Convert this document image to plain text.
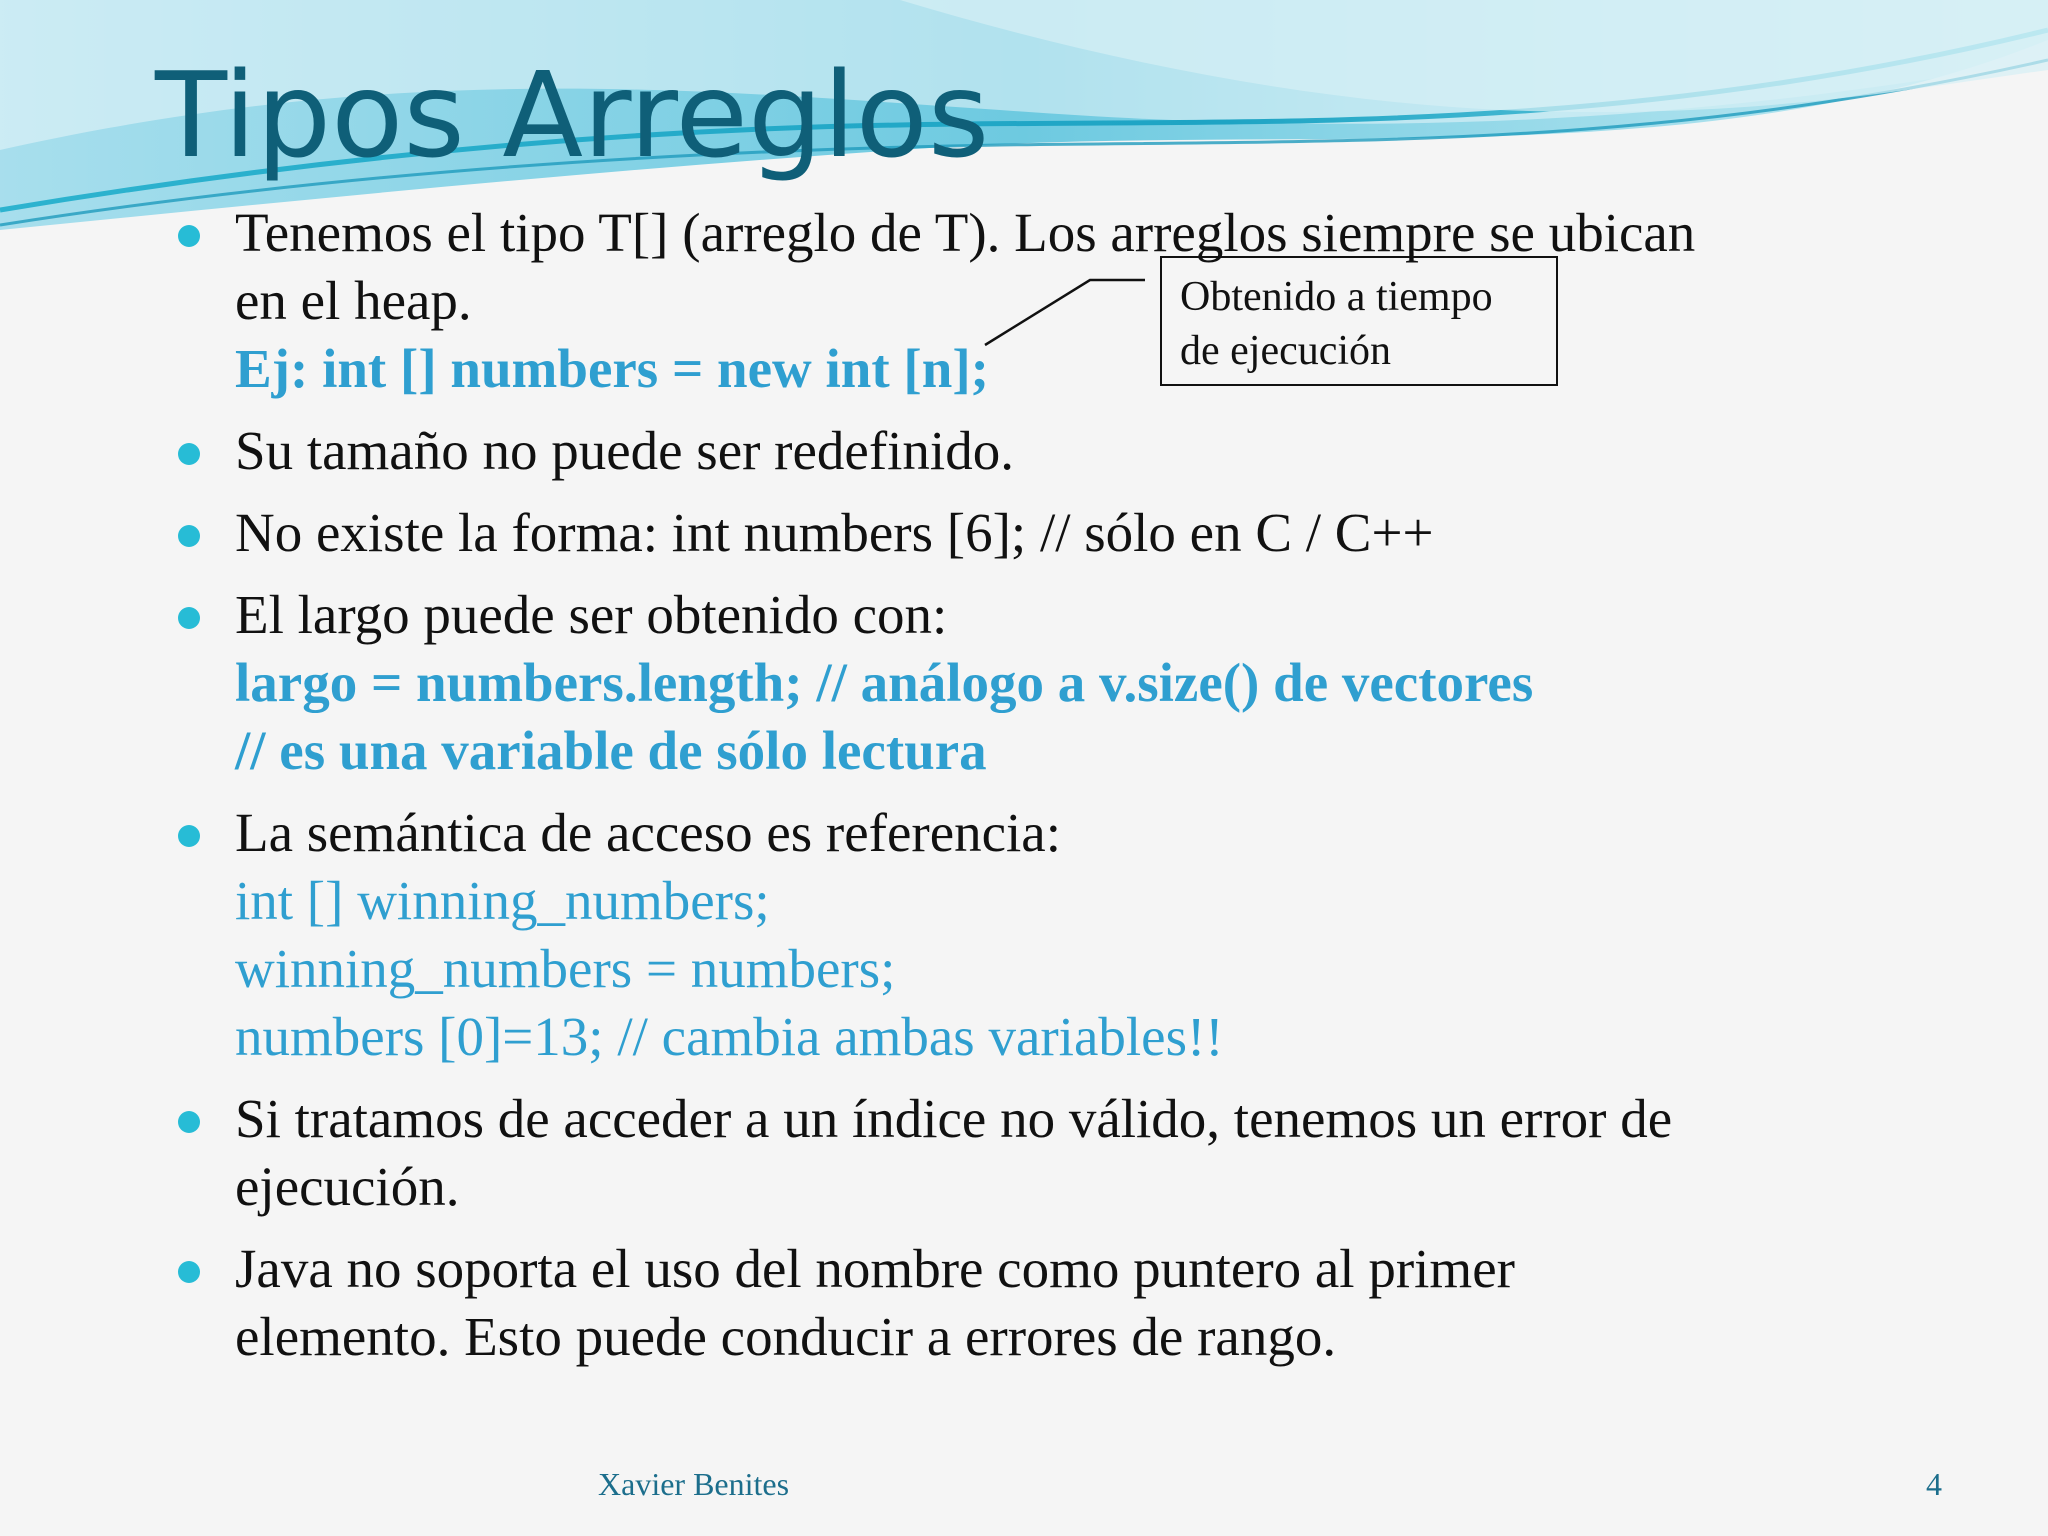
Tipos Arreglos
Tenemos el tipo T[] (arreglo de T). Los arreglos siempre se ubican
en el heap.
Ej: int [] numbers = new int [n];
Su tamaño no puede ser redefinido.
No existe la forma: int numbers [6]; // sólo en C / C++
El largo puede ser obtenido con:
largo = numbers.length; // análogo a v.size() de vectores
// es una variable de sólo lectura
La semántica de acceso es referencia:
int [] winning_numbers;
winning_numbers = numbers;
numbers [0]=13; // cambia ambas variables!!
Si tratamos de acceder a un índice no válido, tenemos un error de
ejecución.
Java no soporta el uso del nombre como puntero al primer
elemento. Esto puede conducir a errores de rango.
Obtenido a tiempo
de ejecución
Xavier Benites	4
